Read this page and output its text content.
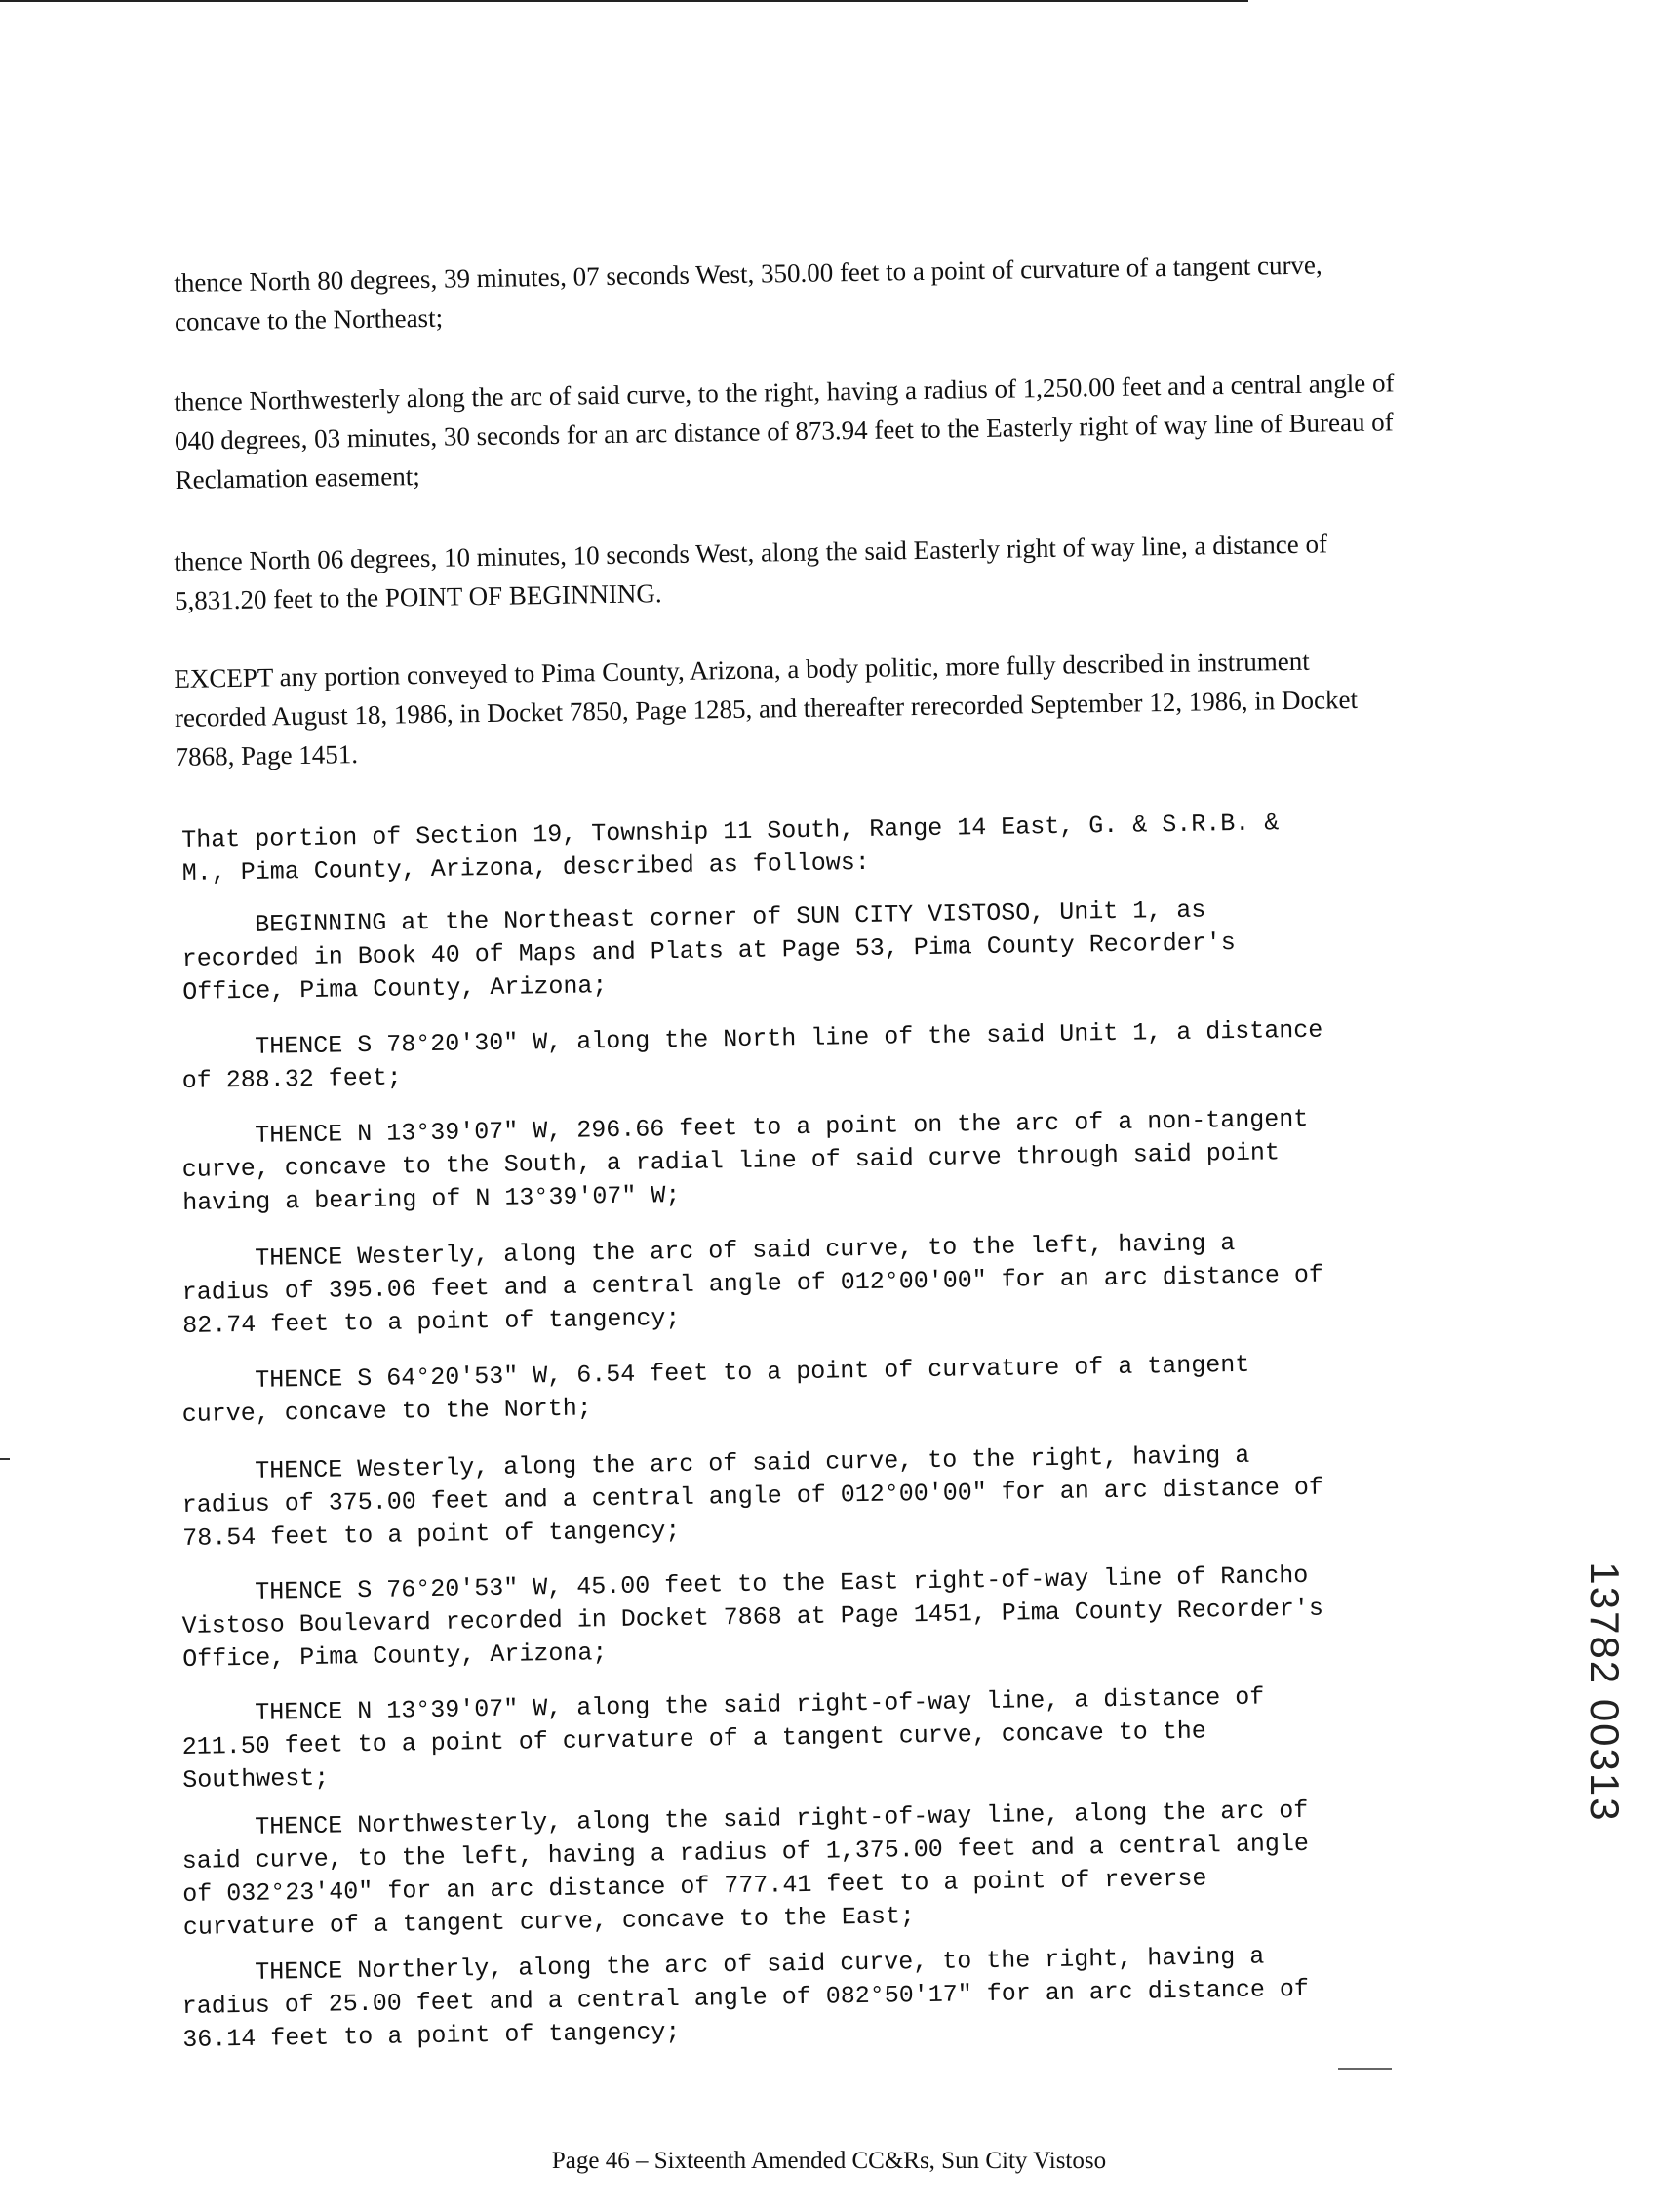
thence North 80 degrees, 39 minutes, 07 seconds West, 350.00 feet to a point of curvature of a tangent curve, concave to the Northeast;

thence Northwesterly along the arc of said curve, to the right, having a radius of 1,250.00 feet and a central angle of 040 degrees, 03 minutes, 30 seconds for an arc distance of 873.94 feet to the Easterly right of way line of Bureau of Reclamation easement;

thence North 06 degrees, 10 minutes, 10 seconds West, along the said Easterly right of way line, a distance of 5,831.20 feet to the POINT OF BEGINNING.

EXCEPT any portion conveyed to Pima County, Arizona, a body politic, more fully described in instrument recorded August 18, 1986, in Docket 7850, Page 1285, and thereafter rerecorded September 12, 1986, in Docket 7868, Page 1451.

That portion of Section 19, Township 11 South, Range 14 East, G. & S.R.B. & M., Pima County, Arizona, described as follows:

BEGINNING at the Northeast corner of SUN CITY VISTOSO, Unit 1, as recorded in Book 40 of Maps and Plats at Page 53, Pima County Recorder's Office, Pima County, Arizona;

THENCE S 78°20'30" W, along the North line of the said Unit 1, a distance of 288.32 feet;

THENCE N 13°39'07" W, 296.66 feet to a point on the arc of a non-tangent curve, concave to the South, a radial line of said curve through said point having a bearing of N 13°39'07" W;

THENCE Westerly, along the arc of said curve, to the left, having a radius of 395.06 feet and a central angle of 012°00'00" for an arc distance of 82.74 feet to a point of tangency;

THENCE S 64°20'53" W, 6.54 feet to a point of curvature of a tangent curve, concave to the North;

THENCE Westerly, along the arc of said curve, to the right, having a radius of 375.00 feet and a central angle of 012°00'00" for an arc distance of 78.54 feet to a point of tangency;

THENCE S 76°20'53" W, 45.00 feet to the East right-of-way line of Rancho Vistoso Boulevard recorded in Docket 7868 at Page 1451, Pima County Recorder's Office, Pima County, Arizona;

THENCE N 13°39'07" W, along the said right-of-way line, a distance of 211.50 feet to a point of curvature of a tangent curve, concave to the Southwest;

THENCE Northwesterly, along the said right-of-way line, along the arc of said curve, to the left, having a radius of 1,375.00 feet and a central angle of 032°23'40" for an arc distance of 777.41 feet to a point of reverse curvature of a tangent curve, concave to the East;

THENCE Northerly, along the arc of said curve, to the right, having a radius of 25.00 feet and a central angle of 082°50'17" for an arc distance of 36.14 feet to a point of tangency;

13782 00313
Page 46 – Sixteenth Amended CC&Rs, Sun City Vistoso
